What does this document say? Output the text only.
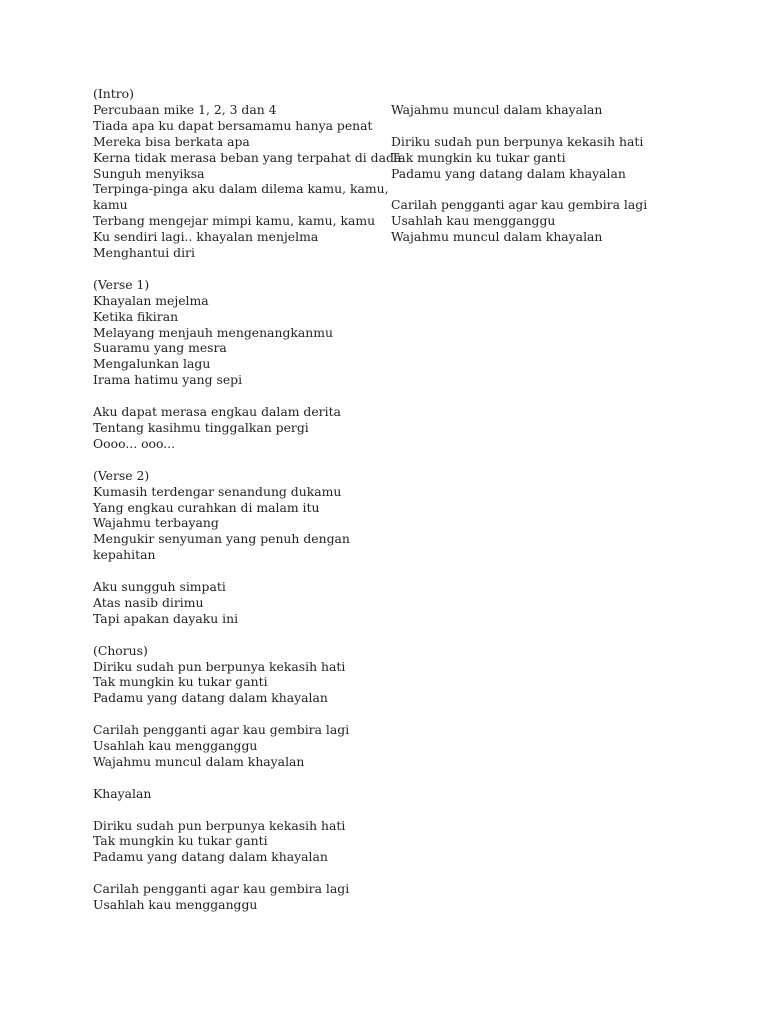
(Intro)
Percubaan mike 1, 2, 3 dan 4
Tiada apa ku dapat bersamamu hanya penat
Mereka bisa berkata apa
Kerna tidak merasa beban yang terpahat di dada
Sunguh menyiksa
Terpinga-pinga aku dalam dilema kamu, kamu,
kamu
Terbang mengejar mimpi kamu, kamu, kamu
Ku sendiri lagi.. khayalan menjelma
Menghantui diri
(Verse 1)
Khayalan mejelma
Ketika fikiran
Melayang menjauh mengenangkanmu
Suaramu yang mesra
Mengalunkan lagu
Irama hatimu yang sepi
Aku dapat merasa engkau dalam derita
Tentang kasihmu tinggalkan pergi
Oooo... ooo...
(Verse 2)
Kumasih terdengar senandung dukamu
Yang engkau curahkan di malam itu
Wajahmu terbayang
Mengukir senyuman yang penuh dengan
kepahitan
Aku sungguh simpati
Atas nasib dirimu
Tapi apakan dayaku ini
(Chorus)
Diriku sudah pun berpunya kekasih hati
Tak mungkin ku tukar ganti
Padamu yang datang dalam khayalan
Carilah pengganti agar kau gembira lagi
Usahlah kau mengganggu
Wajahmu muncul dalam khayalan
Khayalan
Diriku sudah pun berpunya kekasih hati
Tak mungkin ku tukar ganti
Padamu yang datang dalam khayalan
Carilah pengganti agar kau gembira lagi
Usahlah kau mengganggu
Wajahmu muncul dalam khayalan
Diriku sudah pun berpunya kekasih hati
Tak mungkin ku tukar ganti
Padamu yang datang dalam khayalan
Carilah pengganti agar kau gembira lagi
Usahlah kau mengganggu
Wajahmu muncul dalam khayalan
